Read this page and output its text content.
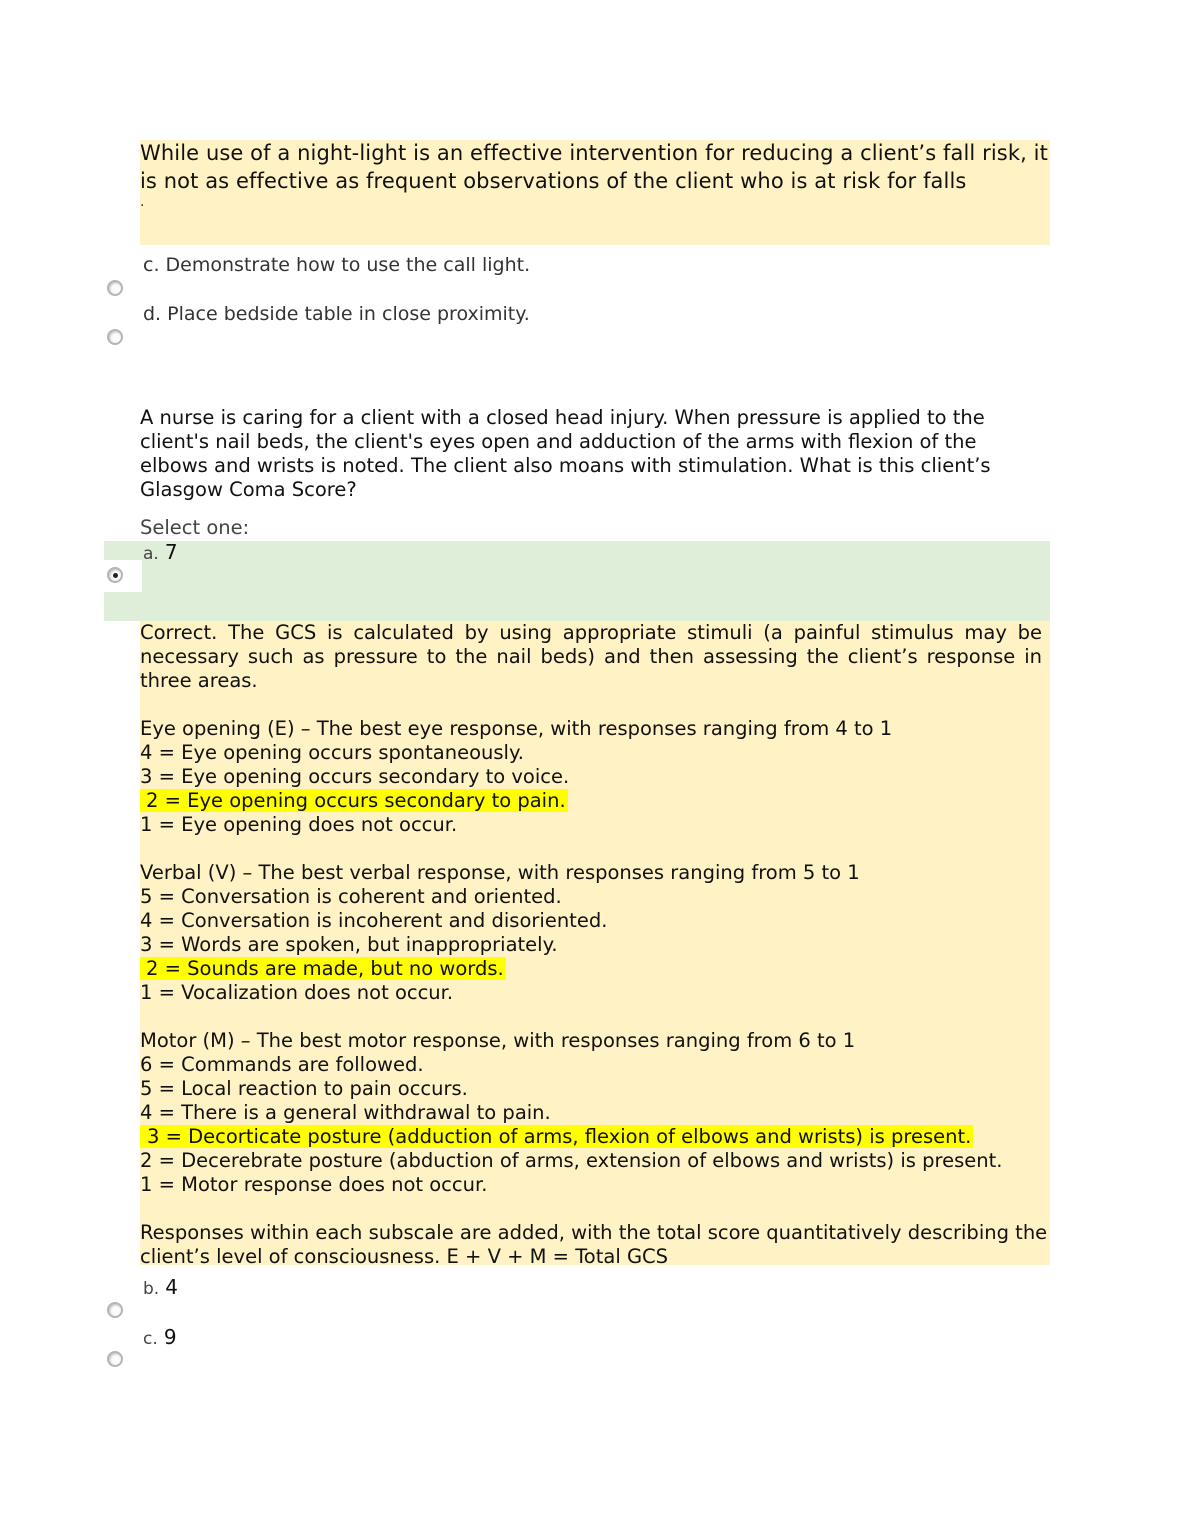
While use of a night-light is an effective intervention for reducing a client’s fall risk, it is not as effective as frequent observations of the client who is at risk for falls
.
c. Demonstrate how to use the call light.
d. Place bedside table in close proximity.
A nurse is caring for a client with a closed head injury. When pressure is applied to the client's nail beds, the client's eyes open and adduction of the arms with flexion of the elbows and wrists is noted. The client also moans with stimulation. What is this client’s Glasgow Coma Score?
Select one:
a. 7

Correct. The GCS is calculated by using appropriate stimuli (a painful stimulus may be necessary such as pressure to the nail beds) and then assessing the client’s response in three areas.

Eye opening (E) – The best eye response, with responses ranging from 4 to 1

4 = Eye opening occurs spontaneously.

3 = Eye opening occurs secondary to voice.

2 = Eye opening occurs secondary to pain.

1 = Eye opening does not occur.

Verbal (V) – The best verbal response, with responses ranging from 5 to 1

5 = Conversation is coherent and oriented.

4 = Conversation is incoherent and disoriented.

3 = Words are spoken, but inappropriately.

2 = Sounds are made, but no words.

1 = Vocalization does not occur.

Motor (M) – The best motor response, with responses ranging from 6 to 1

6 = Commands are followed.

5 = Local reaction to pain occurs.

4 = There is a general withdrawal to pain.

3 = Decorticate posture (adduction of arms, flexion of elbows and wrists) is present.

2 = Decerebrate posture (abduction of arms, extension of elbows and wrists) is present.

1 = Motor response does not occur.

Responses within each subscale are added, with the total score quantitatively describing the client’s level of consciousness. E + V + M = Total GCS

b. 4
c. 9
